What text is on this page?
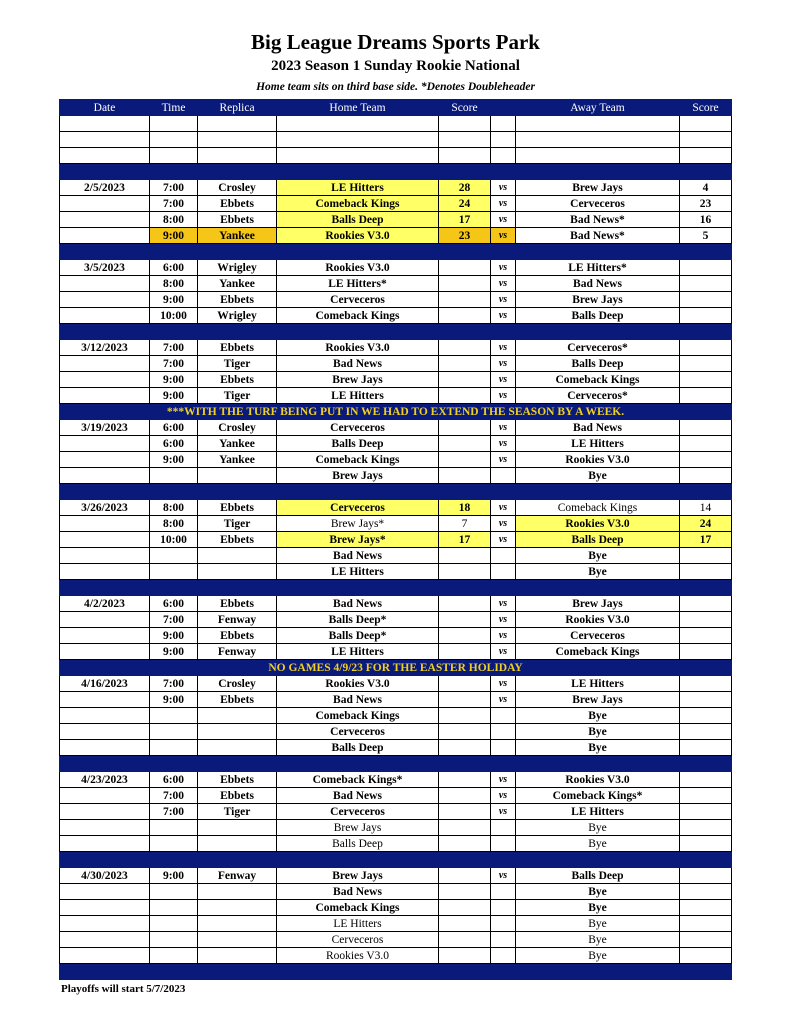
Big League Dreams Sports Park
2023 Season 1 Sunday Rookie National
Home team sits on third base side. *Denotes Doubleheader
Date	Time	Replica	Home Team	Score		Away Team	Score

2/5/2023	7:00	Crosley	LE Hitters	28	vs	Brew Jays	4
	7:00	Ebbets	Comeback Kings	24	vs	Cerveceros	23
	8:00	Ebbets	Balls Deep	17	vs	Bad News*	16
	9:00	Yankee	Rookies V3.0	23	vs	Bad News*	5

3/5/2023	6:00	Wrigley	Rookies V3.0		vs	LE Hitters*	
	8:00	Yankee	LE Hitters*		vs	Bad News	
	9:00	Ebbets	Cerveceros		vs	Brew Jays	
	10:00	Wrigley	Comeback Kings		vs	Balls Deep	

3/12/2023	7:00	Ebbets	Rookies V3.0		vs	Cerveceros*	
	7:00	Tiger	Bad News		vs	Balls Deep	
	9:00	Ebbets	Brew Jays		vs	Comeback Kings	
	9:00	Tiger	LE Hitters		vs	Cerveceros*	
***WITH THE TURF BEING PUT IN WE HAD TO EXTEND THE SEASON BY A WEEK.							
3/19/2023	6:00	Crosley	Cerveceros		vs	Bad News	
	6:00	Yankee	Balls Deep		vs	LE Hitters	
	9:00	Yankee	Comeback Kings		vs	Rookies V3.0	
			Brew Jays			Bye	

3/26/2023	8:00	Ebbets	Cerveceros	18	vs	Comeback Kings	14
	8:00	Tiger	Brew Jays*	7	vs	Rookies V3.0	24
	10:00	Ebbets	Brew Jays*	17	vs	Balls Deep	17
			Bad News			Bye	
			LE Hitters			Bye	

4/2/2023	6:00	Ebbets	Bad News		vs	Brew Jays	
	7:00	Fenway	Balls Deep*		vs	Rookies V3.0	
	9:00	Ebbets	Balls Deep*		vs	Cerveceros	
	9:00	Fenway	LE Hitters		vs	Comeback Kings	
NO GAMES 4/9/23 FOR THE EASTER HOLIDAY							
4/16/2023	7:00	Crosley	Rookies V3.0		vs	LE Hitters	
	9:00	Ebbets	Bad News		vs	Brew Jays	
			Comeback Kings			Bye	
			Cerveceros			Bye	
			Balls Deep			Bye	

4/23/2023	6:00	Ebbets	Comeback Kings*		vs	Rookies V3.0	
	7:00	Ebbets	Bad News		vs	Comeback Kings*	
	7:00	Tiger	Cerveceros		vs	LE Hitters	
			Brew Jays			Bye	
			Balls Deep			Bye	

4/30/2023	9:00	Fenway	Brew Jays		vs	Balls Deep	
			Bad News			Bye	
			Comeback Kings			Bye	
			LE Hitters			Bye	
			Cerveceros			Bye	
			Rookies V3.0			Bye	

Playoffs will start 5/7/2023
